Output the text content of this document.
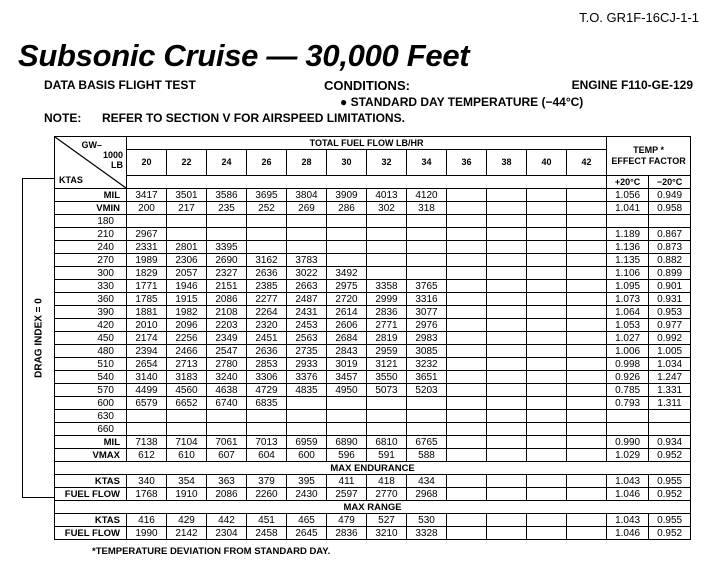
T.O. GR1F-16CJ-1-1
Subsonic Cruise — 30,000 Feet
DATA BASIS FLIGHT TEST	CONDITIONS:	ENGINE F110-GE-129
● STANDARD DAY TEMPERATURE (−44°C)
NOTE: REFER TO SECTION V FOR AIRSPEED LIMITATIONS.
DRAG INDEX = 0
GW–
1000
LB
KTAS	TOTAL FUEL FLOW LB/HR												TEMP *
EFFECT FACTOR	
	20	22	24	26	28	30	32	34	36	38	40	42		
													+20°C	−20°C
MIL	3417	3501	3586	3695	3804	3909	4013	4120					1.056	0.949
VMIN	200	217	235	252	269	286	302	318					1.041	0.958
180														
210	2967												1.189	0.867
240	2331	2801	3395										1.136	0.873
270	1989	2306	2690	3162	3783								1.135	0.882
300	1829	2057	2327	2636	3022	3492							1.106	0.899
330	1771	1946	2151	2385	2663	2975	3358	3765					1.095	0.901
360	1785	1915	2086	2277	2487	2720	2999	3316					1.073	0.931
390	1881	1982	2108	2264	2431	2614	2836	3077					1.064	0.953
420	2010	2096	2203	2320	2453	2606	2771	2976					1.053	0.977
450	2174	2256	2349	2451	2563	2684	2819	2983					1.027	0.992
480	2394	2466	2547	2636	2735	2843	2959	3085					1.006	1.005
510	2654	2713	2780	2853	2933	3019	3121	3232					0.998	1.034
540	3140	3183	3240	3306	3376	3457	3550	3651					0.926	1.247
570	4499	4560	4638	4729	4835	4950	5073	5203					0.785	1.331
600	6579	6652	6740	6835									0.793	1.311
630														
660														
MIL	7138	7104	7061	7013	6959	6890	6810	6765					0.990	0.934
VMAX	612	610	607	604	600	596	591	588					1.029	0.952
MAX ENDURANCE														
KTAS	340	354	363	379	395	411	418	434					1.043	0.955
FUEL FLOW	1768	1910	2086	2260	2430	2597	2770	2968					1.046	0.952
MAX RANGE														
KTAS	416	429	442	451	465	479	527	530					1.043	0.955
FUEL FLOW	1990	2142	2304	2458	2645	2836	3210	3328					1.046	0.952
*TEMPERATURE DEVIATION FROM STANDARD DAY.
